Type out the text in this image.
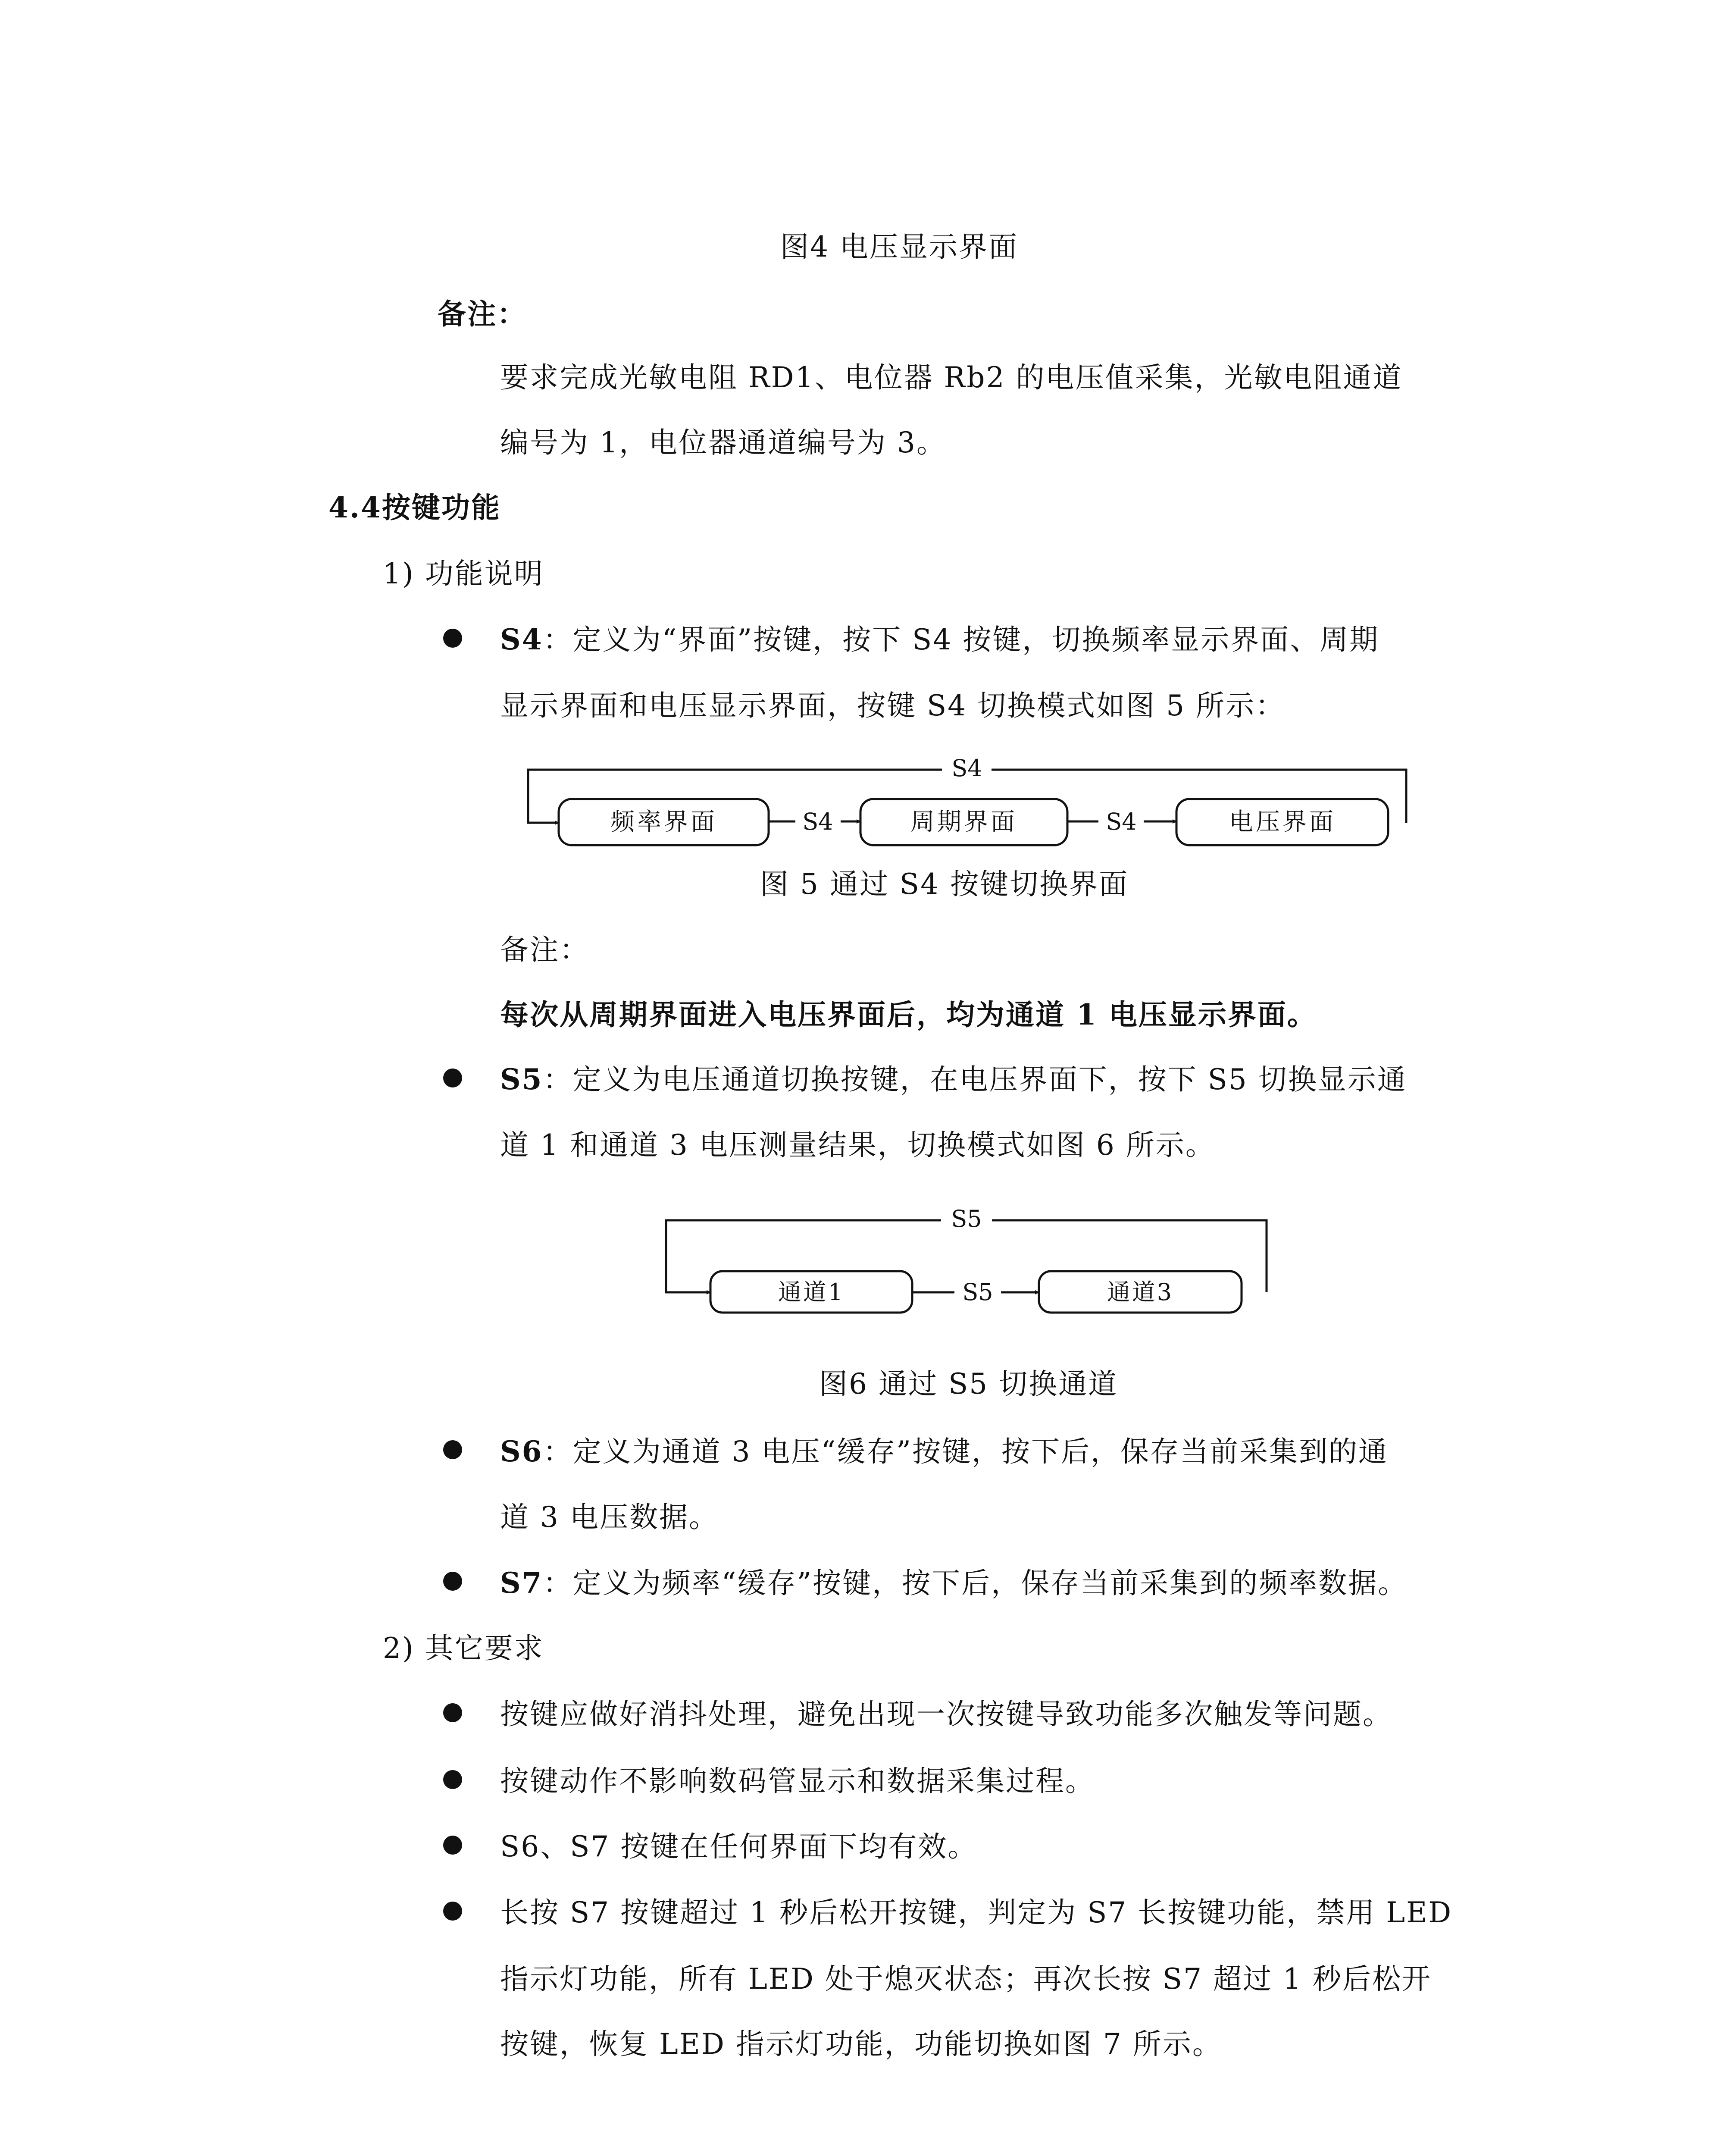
图4 电压显示界面
备注：
要求完成光敏电阻 RD1、电位器 Rb2 的电压值采集，光敏电阻通道
编号为 1，电位器通道编号为 3。
4.4按键功能
1) 功能说明
S4：定义为“界面”按键，按下 S4 按键，切换频率显示界面、周期
显示界面和电压显示界面，按键 S4 切换模式如图 5 所示：
S4
S4	S4
频率界面	周期界面	电压界面
图 5 通过 S4 按键切换界面
备注：
每次从周期界面进入电压界面后，均为通道 1 电压显示界面。
S5：定义为电压通道切换按键，在电压界面下，按下 S5 切换显示通
道 1 和通道 3 电压测量结果，切换模式如图 6 所示。
S5
S5
通道1	通道3
图6 通过 S5 切换通道
S6：定义为通道 3 电压“缓存”按键，按下后，保存当前采集到的通
道 3 电压数据。
S7：定义为频率“缓存”按键，按下后，保存当前采集到的频率数据。
2) 其它要求
按键应做好消抖处理，避免出现一次按键导致功能多次触发等问题。
按键动作不影响数码管显示和数据采集过程。
S6、S7 按键在任何界面下均有效。
长按 S7 按键超过 1 秒后松开按键，判定为 S7 长按键功能，禁用 LED
指示灯功能，所有 LED 处于熄灭状态；再次长按 S7 超过 1 秒后松开
按键，恢复 LED 指示灯功能，功能切换如图 7 所示。
